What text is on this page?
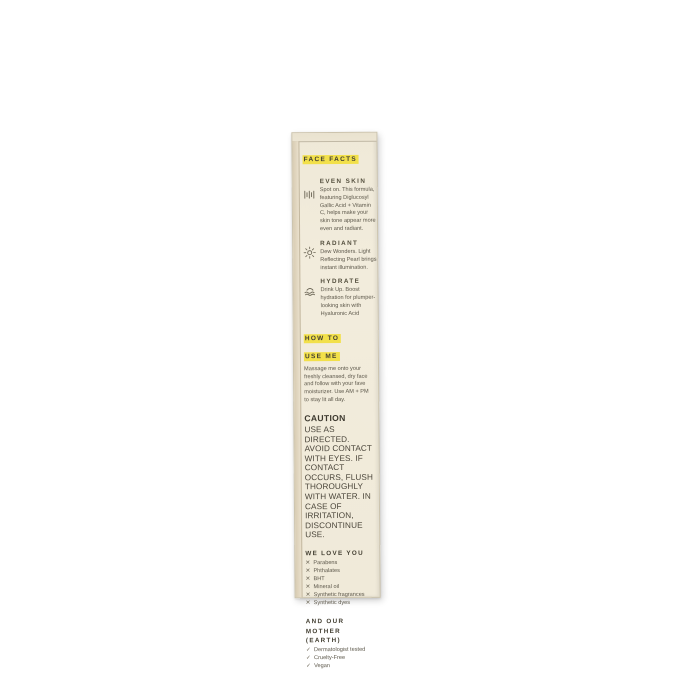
FACE FACTS
EVEN SKIN
Spot on. This formula, featuring Diglucosyl Gallic Acid + Vitamin C, helps make your skin tone appear more even and radiant.
RADIANT
Dew Wonders. Light Reflecting Pearl brings instant illumination.
HYDRATE
Drink Up. Boost hydration for plumper-looking skin with Hyaluronic Acid
HOW TO
USE ME
Massage me onto your freshly cleansed, dry face and follow with your fave moisturizer. Use AM + PM to stay lit all day.
CAUTION
USE AS DIRECTED. AVOID CONTACT WITH EYES. IF CONTACT OCCURS, FLUSH THOROUGHLY WITH WATER. IN CASE OF IRRITATION, DISCONTINUE USE.
WE LOVE YOU
✕ Parabens
✕ Phthalates
✕ BHT
✕ Mineral oil
✕ Synthetic fragrances
✕ Synthetic dyes
AND OUR MOTHER (EARTH)
✓ Dermatologist tested
✓ Cruelty-Free
✓ Vegan
